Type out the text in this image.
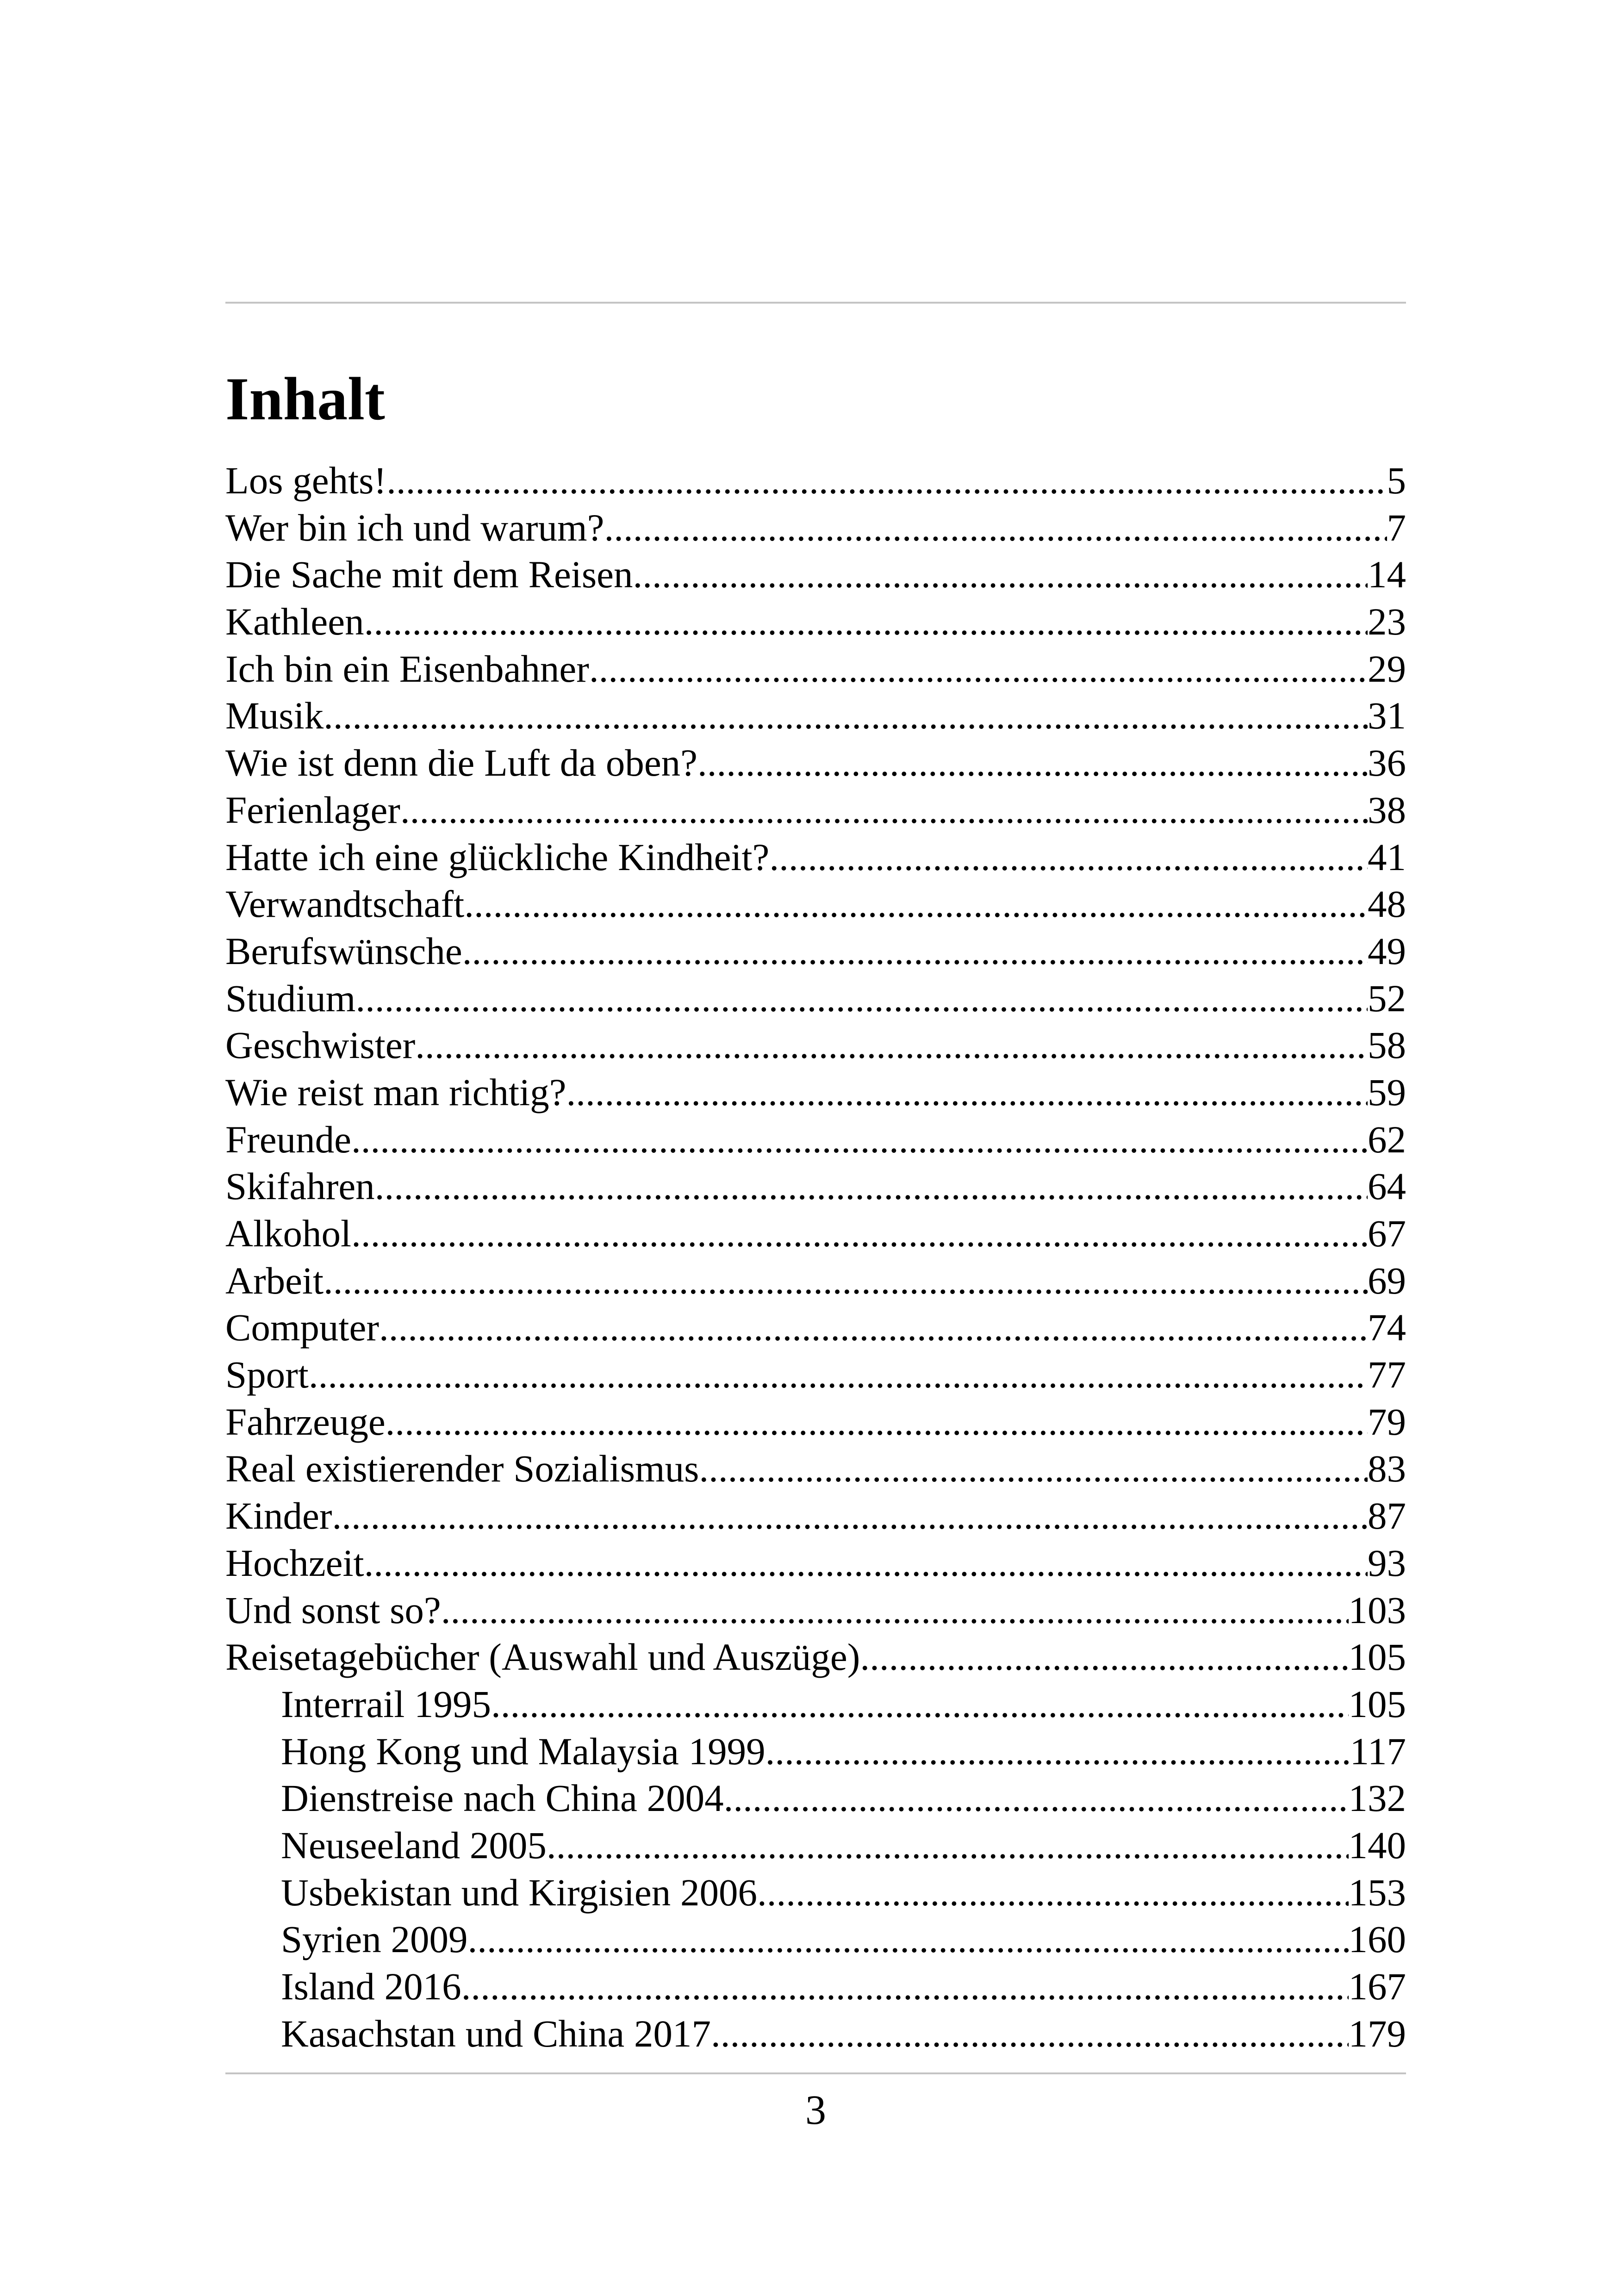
Inhalt
Los gehts! .....	5
Wer bin ich und warum? .....	7
Die Sache mit dem Reisen .....	14
Kathleen .....	23
Ich bin ein Eisenbahner .....	29
Musik .....	31
Wie ist denn die Luft da oben? .....	36
Ferienlager .....	38
Hatte ich eine glückliche Kindheit? .....	41
Verwandtschaft .....	48
Berufswünsche .....	49
Studium .....	52
Geschwister .....	58
Wie reist man richtig? .....	59
Freunde .....	62
Skifahren .....	64
Alkohol .....	67
Arbeit .....	69
Computer .....	74
Sport .....	77
Fahrzeuge .....	79
Real existierender Sozialismus .....	83
Kinder .....	87
Hochzeit .....	93
Und sonst so? .....	103
Reisetagebücher (Auswahl und Auszüge) .....	105
Interrail 1995 .....	105
Hong Kong und Malaysia 1999 .....	117
Dienstreise nach China 2004 .....	132
Neuseeland 2005 .....	140
Usbekistan und Kirgisien 2006 .....	153
Syrien 2009 .....	160
Island 2016 .....	167
Kasachstan und China 2017 .....	179
3
